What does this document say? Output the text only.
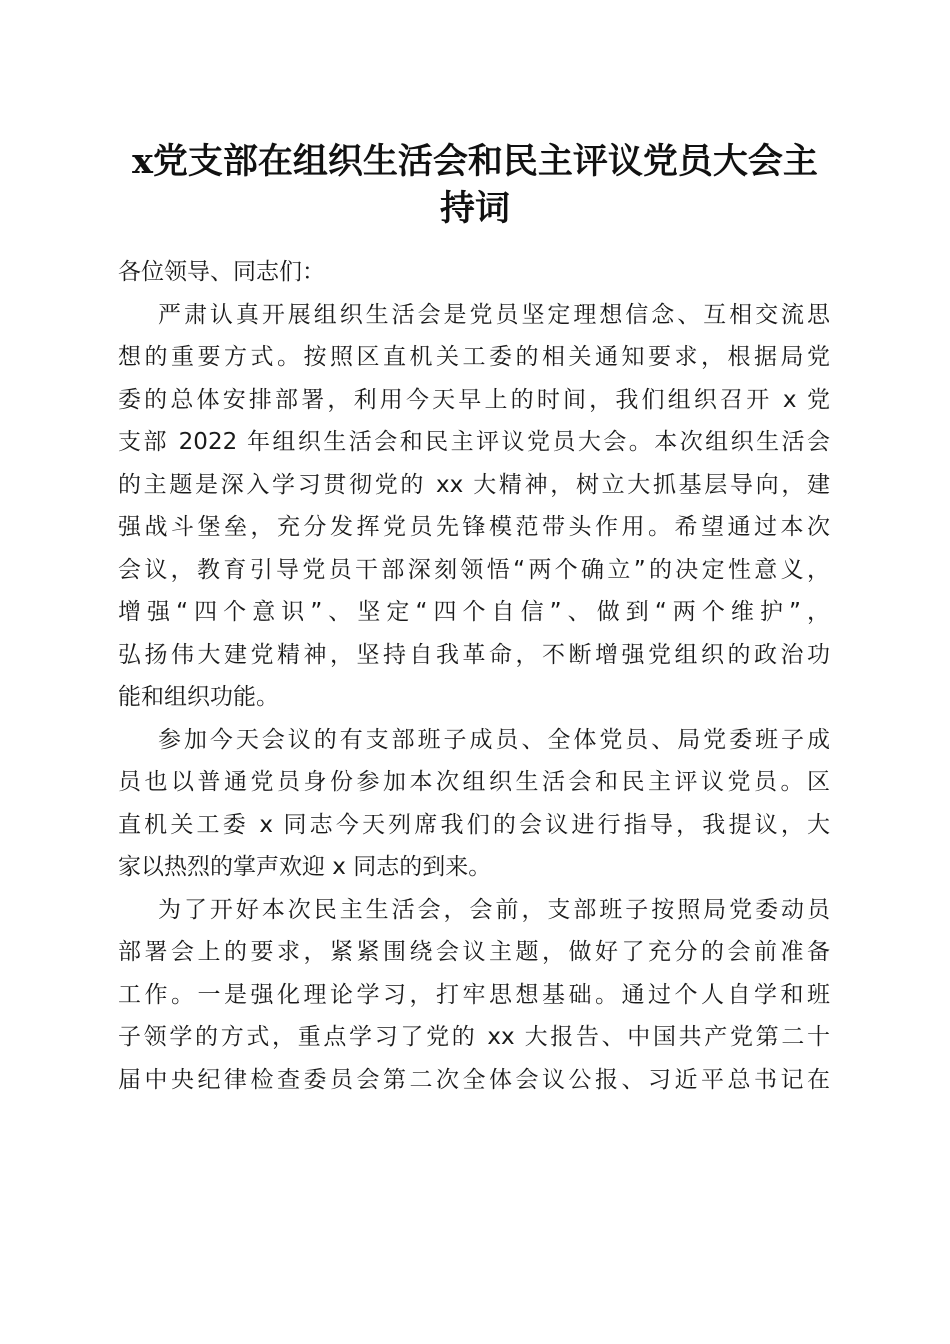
x党支部在组织生活会和民主评议党员大会主
持词
各位领导、同志们：
严肃认真开展组织生活会是党员坚定理想信念、互相交流思
想的重要方式。按照区直机关工委的相关通知要求，根据局党
委的总体安排部署，利用今天早上的时间，我们组织召开 x 党
支部 2022 年组织生活会和民主评议党员大会。本次组织生活会
的主题是深入学习贯彻党的 xx 大精神，树立大抓基层导向，建
强战斗堡垒，充分发挥党员先锋模范带头作用。希望通过本次
会议，教育引导党员干部深刻领悟“两个确立”的决定性意义，
增强“四个意识”、坚定“四个自信”、做到“两个维护”，
弘扬伟大建党精神，坚持自我革命，不断增强党组织的政治功
能和组织功能。
参加今天会议的有支部班子成员、全体党员、局党委班子成
员也以普通党员身份参加本次组织生活会和民主评议党员。区
直机关工委 x 同志今天列席我们的会议进行指导，我提议，大
家以热烈的掌声欢迎 x 同志的到来。
为了开好本次民主生活会，会前，支部班子按照局党委动员
部署会上的要求，紧紧围绕会议主题，做好了充分的会前准备
工作。一是强化理论学习，打牢思想基础。通过个人自学和班
子领学的方式，重点学习了党的 xx 大报告、中国共产党第二十
届中央纪律检查委员会第二次全体会议公报、习近平总书记在
